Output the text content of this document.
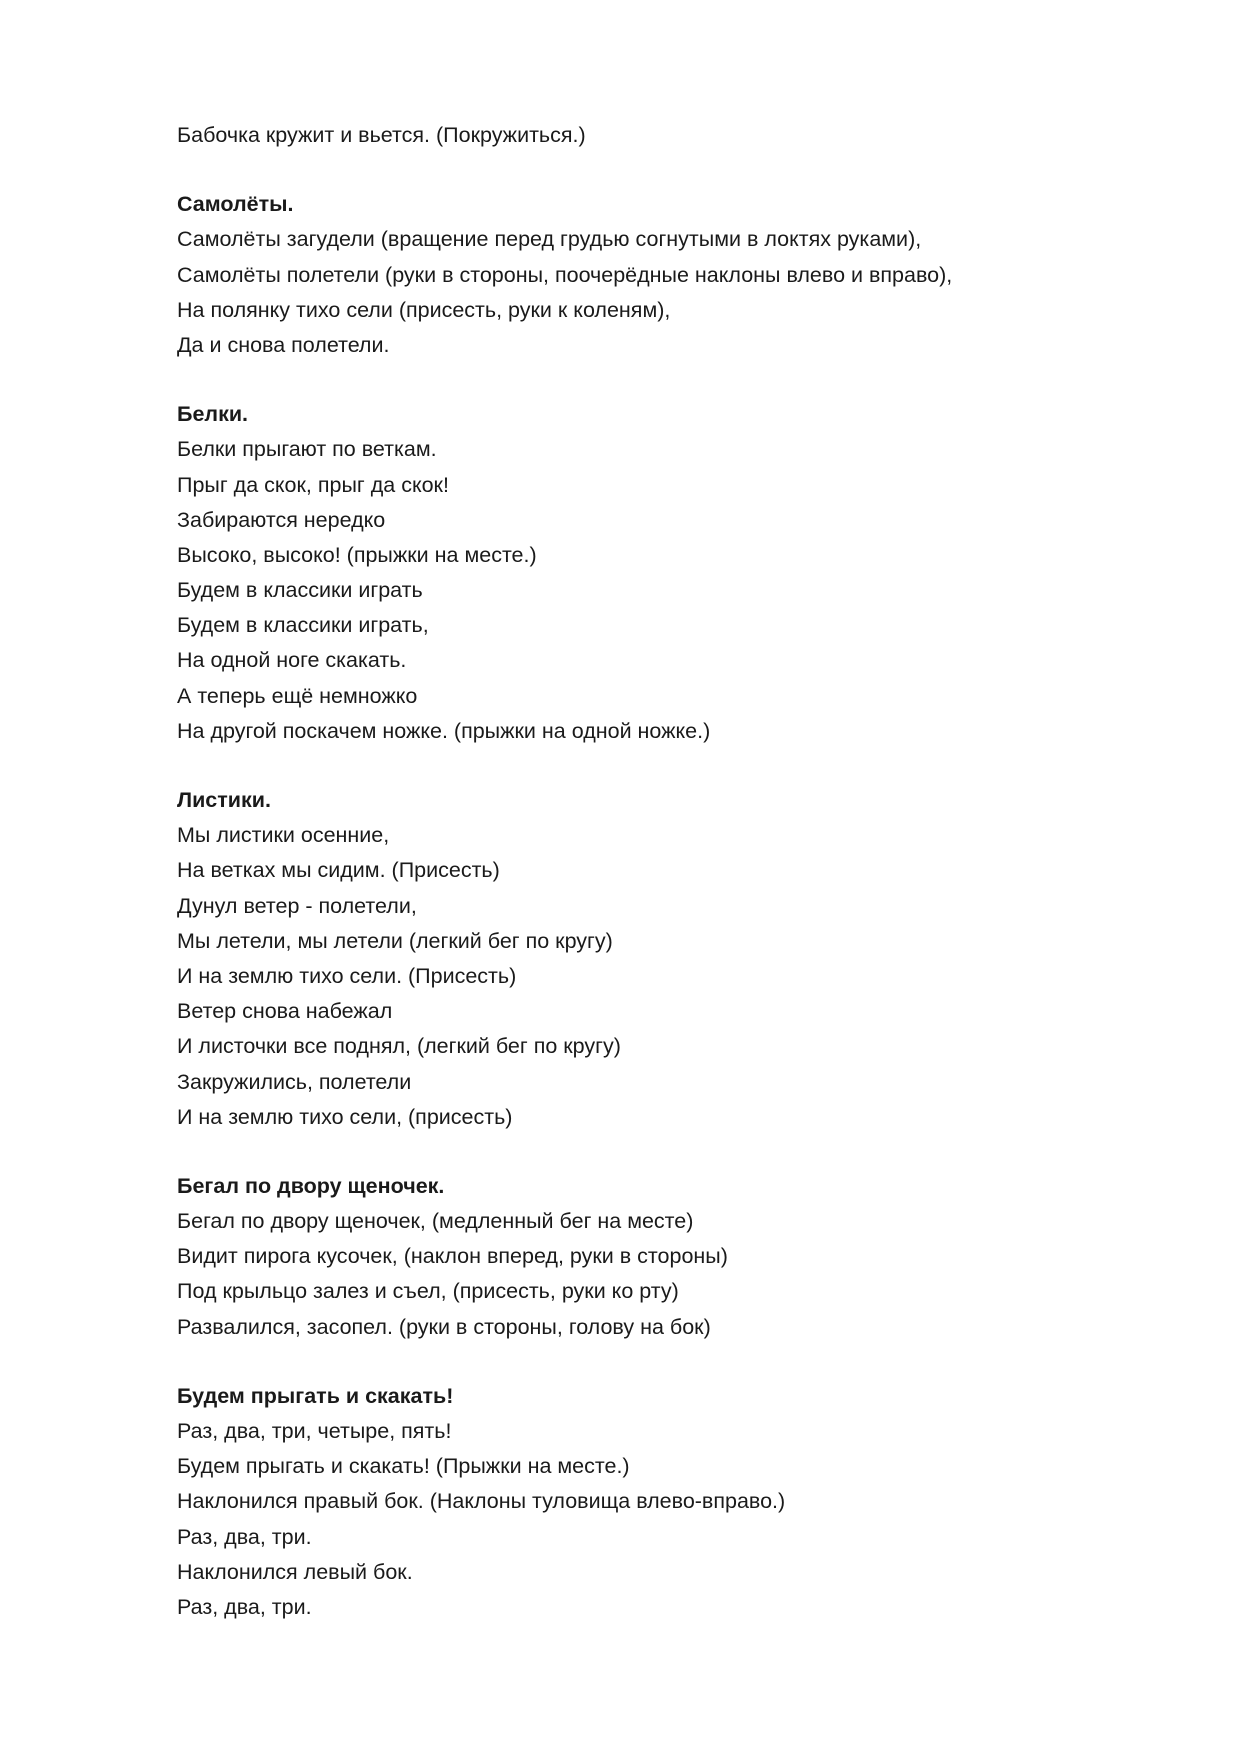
Бабочка кружит и вьется. (Покружиться.)
Самолёты.
Самолёты загудели (вращение перед грудью согнутыми в локтях руками),
Самолёты полетели (руки в стороны, поочерёдные наклоны влево и вправо),
На полянку тихо сели (присесть, руки к коленям),
Да и снова полетели.
Белки.
Белки прыгают по веткам.
Прыг да скок, прыг да скок!
Забираются нередко
Высоко, высоко! (прыжки на месте.)
Будем в классики играть
Будем в классики играть,
На одной ноге скакать.
А теперь ещё немножко
На другой поскачем ножке. (прыжки на одной ножке.)
Листики.
Мы листики осенние,
На ветках мы сидим. (Присесть)
Дунул ветер - полетели,
Мы летели, мы летели (легкий бег по кругу)
И на землю тихо сели. (Присесть)
Ветер снова набежал
И листочки все поднял, (легкий бег по кругу)
Закружились, полетели
И на землю тихо сели, (присесть)
Бегал по двору щеночек.
Бегал по двору щеночек, (медленный бег на месте)
Видит пирога кусочек, (наклон вперед, руки в стороны)
Под крыльцо залез и съел, (присесть, руки ко рту)
Развалился, засопел. (руки в стороны, голову на бок)
Будем прыгать и скакать!
Раз, два, три, четыре, пять!
Будем прыгать и скакать! (Прыжки на месте.)
Наклонился правый бок. (Наклоны туловища влево-вправо.)
Раз, два, три.
Наклонился левый бок.
Раз, два, три.
